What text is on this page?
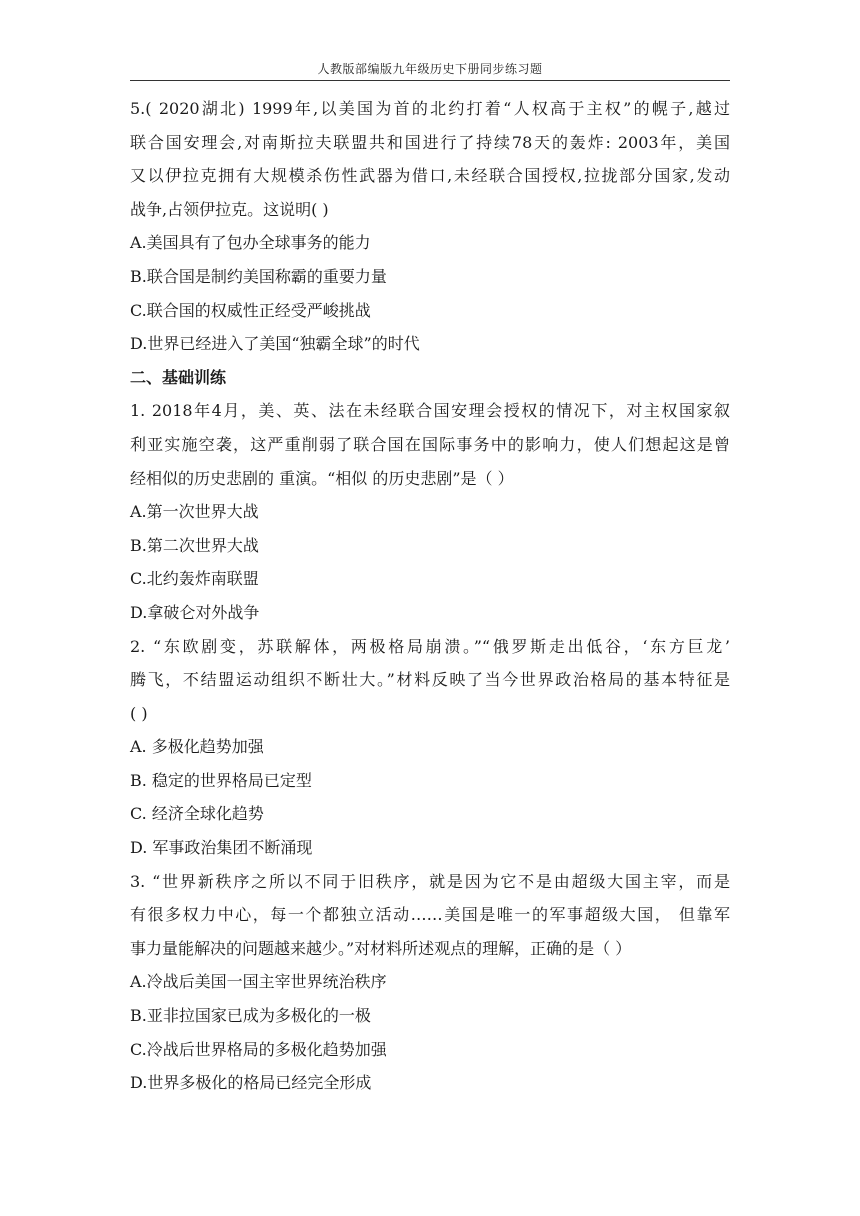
人教版部编版九年级历史下册同步练习题
5.( 2020湖北) 1999年,以美国为首的北约打着“人权高于主权”的幌子,越过
联合国安理会,对南斯拉夫联盟共和国进行了持续78天的轰炸: 2003年，美国
又以伊拉克拥有大规模杀伤性武器为借口,未经联合国授权,拉拢部分国家,发动
战争,占领伊拉克。这说明( )
A.美国具有了包办全球事务的能力
B.联合国是制约美国称霸的重要力量
C.联合国的权威性正经受严峻挑战
D.世界已经进入了美国“独霸全球”的时代
二、基础训练
1. 2018年4月，美、英、法在未经联合国安理会授权的情况下，对主权国家叙
利亚实施空袭，这严重削弱了联合国在国际事务中的影响力，使人们想起这是曾
经相似的历史悲剧的 重演。“相似 的历史悲剧”是（ ）
A.第一次世界大战
B.第二次世界大战
C.北约轰炸南联盟
D.拿破仑对外战争
2. “东欧剧变，苏联解体，两极格局崩溃。”“俄罗斯走出低谷，‘东方巨龙’
腾飞，不结盟运动组织不断壮大。”材料反映了当今世界政治格局的基本特征是
( )
A. 多极化趋势加强
B. 稳定的世界格局已定型
C. 经济全球化趋势
D. 军事政治集团不断涌现
3. “世界新秩序之所以不同于旧秩序，就是因为它不是由超级大国主宰，而是
有很多权力中心，每一个都独立活动……美国是唯一的军事超级大国， 但靠军
事力量能解决的问题越来越少。”对材料所述观点的理解，正确的是（ ）
A.冷战后美国一国主宰世界统治秩序
B.亚非拉国家已成为多极化的一极
C.冷战后世界格局的多极化趋势加强
D.世界多极化的格局已经完全形成
